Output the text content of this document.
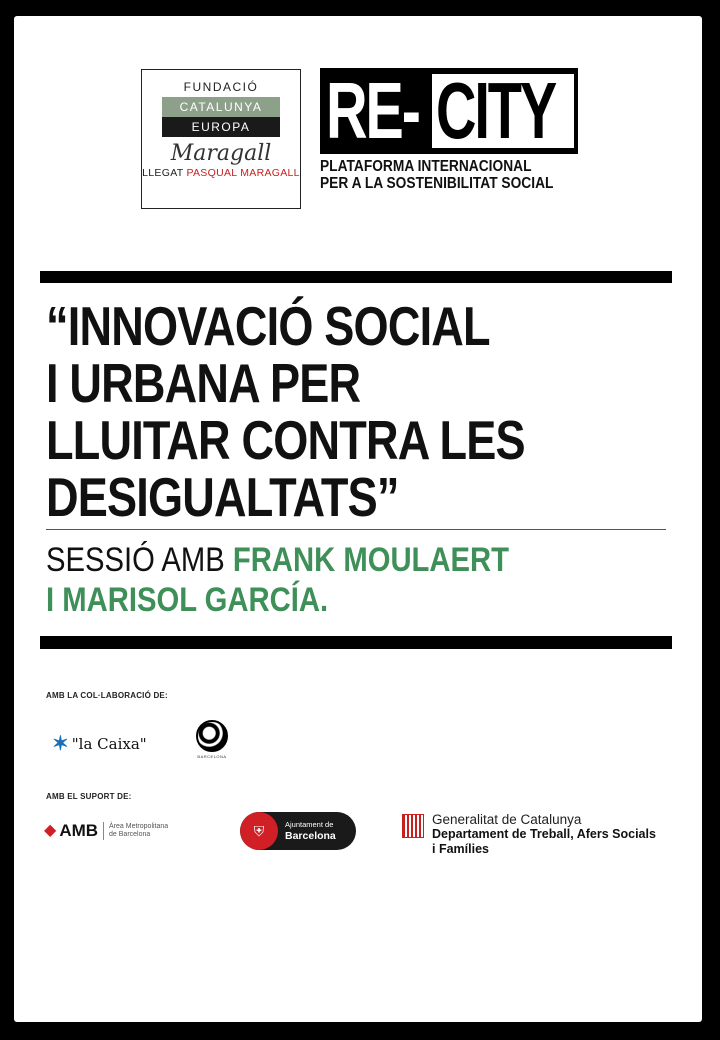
FUNDACIÓ
CATALUNYA
EUROPA
Maragall
LLEGAT PASQUAL MARAGALL
RE- CITY
PLATAFORMA INTERNACIONAL
PER A LA SOSTENIBILITAT SOCIAL
“INNOVACIÓ SOCIAL
I URBANA PER
LLUITAR CONTRA LES
DESIGUALTATS”
SESSIÓ AMB FRANK MOULAERT
I MARISOL GARCÍA.
AMB LA COL·LABORACIÓ DE:
✶ "la Caixa"
BARCELONA
AMB EL SUPORT DE:
◆ AMB Àrea Metropolitana
de Barcelona	⛨	Ajuntament de
Barcelona
Generalitat de Catalunya
Departament de Treball, Afers Socials
i Famílies
